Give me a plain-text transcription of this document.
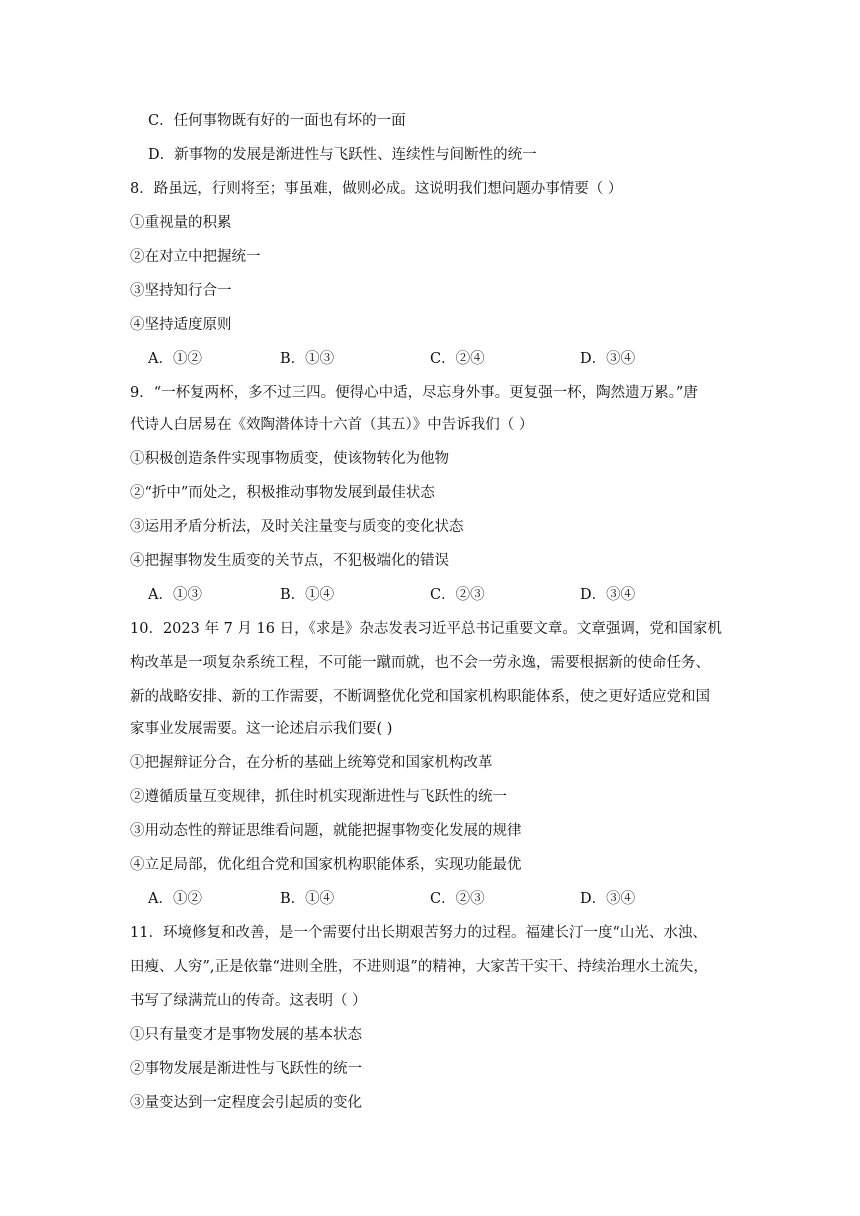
C．任何事物既有好的一面也有坏的一面
D．新事物的发展是渐进性与飞跃性、连续性与间断性的统一
8．路虽远，行则将至；事虽难，做则必成。这说明我们想问题办事情要（ ）
①重视量的积累
②在对立中把握统一
③坚持知行合一
④坚持适度原则
A．①②	B．①③	C．②④	D．③④
9．“一杯复两杯，多不过三四。便得心中适，尽忘身外事。更复强一杯，陶然遗万累。”唐
代诗人白居易在《效陶潜体诗十六首（其五）》中告诉我们（ ）
①积极创造条件实现事物质变，使该物转化为他物
②“折中”而处之，积极推动事物发展到最佳状态
③运用矛盾分析法，及时关注量变与质变的变化状态
④把握事物发生质变的关节点，不犯极端化的错误
A．①③	B．①④	C．②③	D．③④
10．2023 年 7 月 16 日，《求是》杂志发表习近平总书记重要文章。文章强调，党和国家机
构改革是一项复杂系统工程，不可能一蹴而就，也不会一劳永逸，需要根据新的使命任务、
新的战略安排、新的工作需要，不断调整优化党和国家机构职能体系，使之更好适应党和国
家事业发展需要。这一论述启示我们要( )
①把握辩证分合，在分析的基础上统筹党和国家机构改革
②遵循质量互变规律，抓住时机实现渐进性与飞跃性的统一
③用动态性的辩证思维看问题，就能把握事物变化发展的规律
④立足局部，优化组合党和国家机构职能体系，实现功能最优
A．①②	B．①④	C．②③	D．③④
11．环境修复和改善，是一个需要付出长期艰苦努力的过程。福建长汀一度“山光、水浊、
田瘦、人穷”,正是依靠“进则全胜，不进则退”的精神，大家苦干实干、持续治理水土流失，
书写了绿满荒山的传奇。这表明（ ）
①只有量变才是事物发展的基本状态
②事物发展是渐进性与飞跃性的统一
③量变达到一定程度会引起质的变化
